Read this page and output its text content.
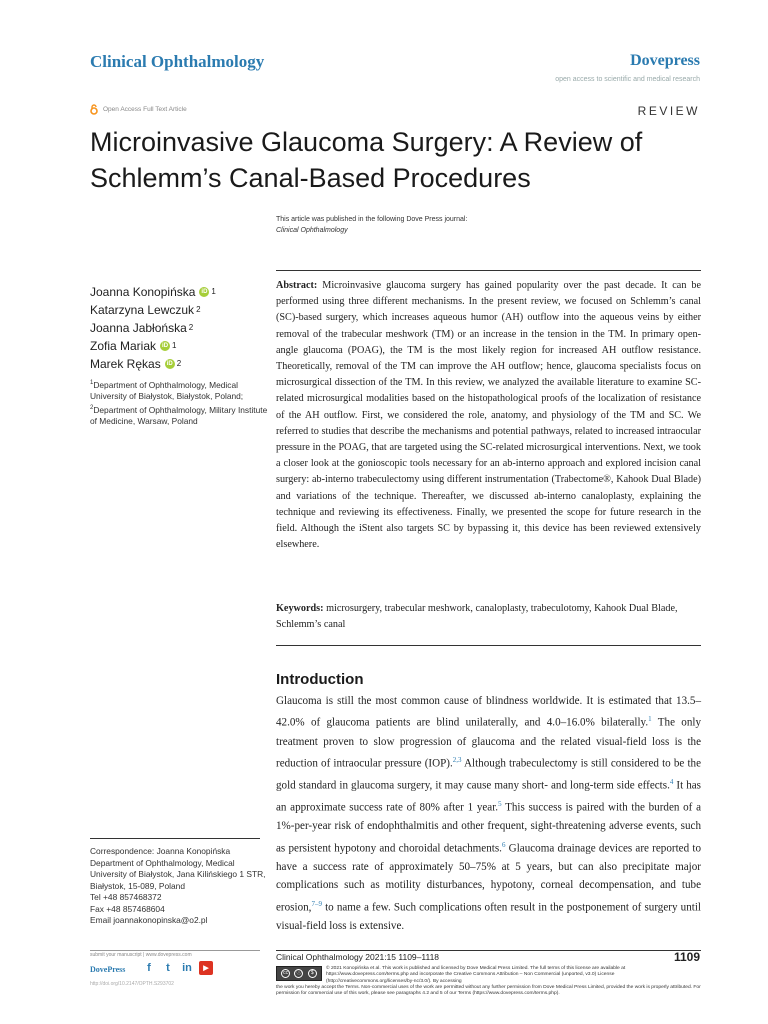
Clinical Ophthalmology	Dovepress
open access to scientific and medical research
Open Access Full Text Article	REVIEW
Microinvasive Glaucoma Surgery: A Review of Schlemm’s Canal-Based Procedures
This article was published in the following Dove Press journal:
Clinical Ophthalmology
Joanna Konopińska	iD 1
Katarzyna Lewczuk 2
Joanna Jabłońska 2
Zofia Mariak	iD 1
Marek Rękas	iD 2
$^1$Department of Ophthalmology, Medical University of Białystok, Białystok, Poland;
$^2$Department of Ophthalmology, Military Institute of Medicine, Warsaw, Poland
Abstract: Microinvasive glaucoma surgery has gained popularity over the past decade. It can be performed using three different mechanisms. In the present review, we focused on Schlemm’s canal (SC)-based surgery, which increases aqueous humor (AH) outflow into the aqueous veins by either removal of the trabecular meshwork (TM) or an increase in the tension in the TM. In primary open-angle glaucoma (POAG), the TM is the most likely region for increased AH outflow resistance. Theoretically, removal of the TM can improve the AH outflow; hence, glaucoma specialists focus on microsurgical dissection of the TM. In this review, we analyzed the available literature to examine SC-related microsurgical modalities based on the histopathological proofs of the localization of resistance of the AH outflow. First, we considered the role, anatomy, and physiology of the TM and SC. We referred to studies that describe the mechanisms and potential pathways, related to increased intraocular pressure in the POAG, that are targeted using the SC-related microsurgical interventions. Next, we took a closer look at the gonioscopic tools necessary for an ab-interno approach and explored incision canal surgery: ab-interno trabeculectomy using different instrumentation (Trabectome®, Kahook Dual Blade) and variations of the technique. Thereafter, we discussed ab-interno canaloplasty, explaining the technique and reviewing its effectiveness. Finally, we presented the scope for future research in the field. Although the iStent also targets SC by bypassing it, this device has been reviewed extensively elsewhere.
Keywords: microsurgery, trabecular meshwork, canaloplasty, trabeculotomy, Kahook Dual Blade, Schlemm’s canal
Introduction
Glaucoma is still the most common cause of blindness worldwide. It is estimated that 13.5–42.0% of glaucoma patients are blind unilaterally, and 4.0–16.0% bilaterally.$^1$ The only treatment proven to slow progression of glaucoma and the related visual-field loss is the reduction of intraocular pressure (IOP).$^{2,3}$ Although trabeculectomy is still considered to be the gold standard in glaucoma surgery, it may cause many short- and long-term side effects.$^4$ It has an approximate success rate of 80% after 1 year.$^5$ This success is paired with the burden of a 1%-per-year risk of endophthalmitis and other frequent, sight-threatening adverse events, such as persistent hypotony and choroidal detachments.$^6$ Glaucoma drainage devices are reported to have a success rate of approximately 50–75% at 5 years, but can also precipitate major complications such as motility disturbances, hypotony, corneal decompensation, and tube erosion,$^{7-9}$ to name a few. Such complications often result in the postponement of surgery until visual-field loss is extensive.
Correspondence: Joanna Konopińska
Department of Ophthalmology, Medical University of Białystok, Jana Kilińskiego 1 STR, Białystok, 15-089, Poland
Tel +48 857468372
Fax +48 857468604
Email joannakonopinska@o2.pl
submit your manuscript | www.dovepress.com
DovePress	f	t	in	▶
http://doi.org/10.2147/OPTH.S293702
Clinical Ophthalmology 2021:15 1109–1118	1109
cc	ⓘ	$
© 2021 Konopińska et al. This work is published and licensed by Dove Medical Press Limited. The full terms of this license are available at https://www.dovepress.com/terms.php and incorporate the Creative Commons Attribution – Non Commercial (unported, v3.0) License (http://creativecommons.org/licenses/by-nc/3.0/). By accessing
the work you hereby accept the Terms. Non-commercial uses of the work are permitted without any further permission from Dove Medical Press Limited, provided the work is properly attributed. For permission for commercial use of this work, please see paragraphs 4.2 and 5 of our Terms (https://www.dovepress.com/terms.php).
